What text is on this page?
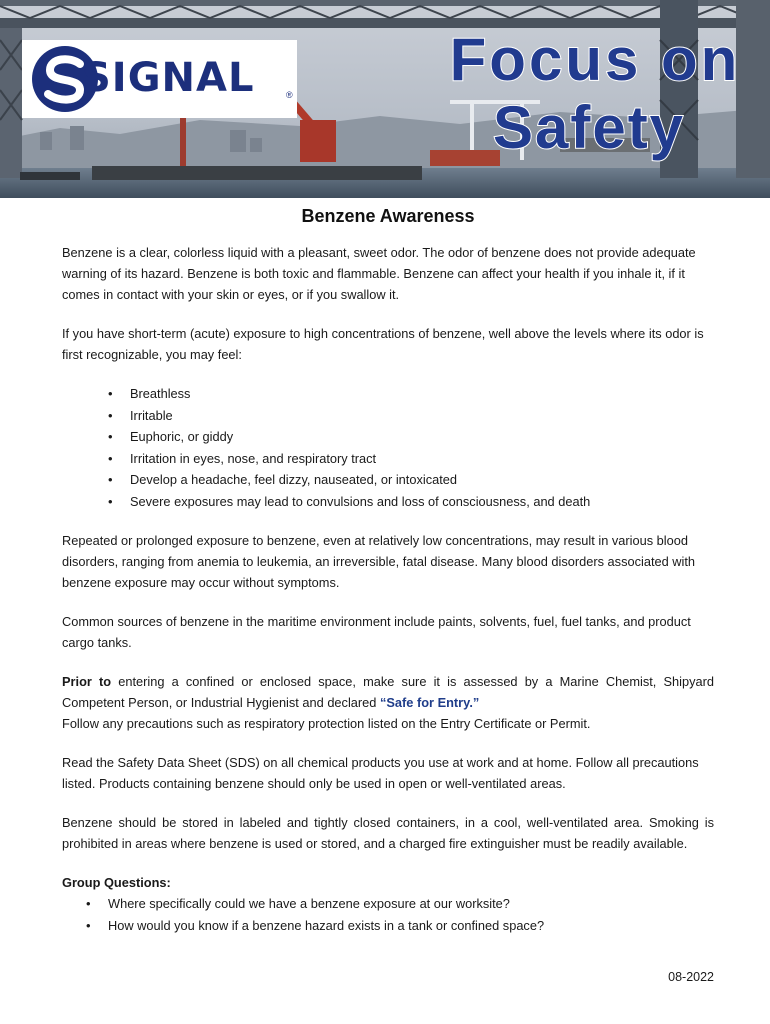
SIGNAL	®
Focus on
Safety
Benzene Awareness

Benzene is a clear, colorless liquid with a pleasant, sweet odor. The odor of benzene does not provide adequate warning of its hazard. Benzene is both toxic and flammable. Benzene can affect your health if you inhale it, if it comes in contact with your skin or eyes, or if you swallow it.

If you have short-term (acute) exposure to high concentrations of benzene, well above the levels where its odor is first recognizable, you may feel:

• Breathless
• Irritable
• Euphoric, or giddy
• Irritation in eyes, nose, and respiratory tract
• Develop a headache, feel dizzy, nauseated, or intoxicated
• Severe exposures may lead to convulsions and loss of consciousness, and death

Repeated or prolonged exposure to benzene, even at relatively low concentrations, may result in various blood disorders, ranging from anemia to leukemia, an irreversible, fatal disease. Many blood disorders associated with benzene exposure may occur without symptoms.

Common sources of benzene in the maritime environment include paints, solvents, fuel, fuel tanks, and product cargo tanks.

Prior to entering a confined or enclosed space, make sure it is assessed by a Marine Chemist, Shipyard Competent Person, or Industrial Hygienist and declared “Safe for Entry.”
Follow any precautions such as respiratory protection listed on the Entry Certificate or Permit.

Read the Safety Data Sheet (SDS) on all chemical products you use at work and at home. Follow all precautions listed. Products containing benzene should only be used in open or well-ventilated areas.

Benzene should be stored in labeled and tightly closed containers, in a cool, well-ventilated area. Smoking is prohibited in areas where benzene is used or stored, and a charged fire extinguisher must be readily available.

Group Questions:
• Where specifically could we have a benzene exposure at our worksite?
• How would you know if a benzene hazard exists in a tank or confined space?
08-2022
